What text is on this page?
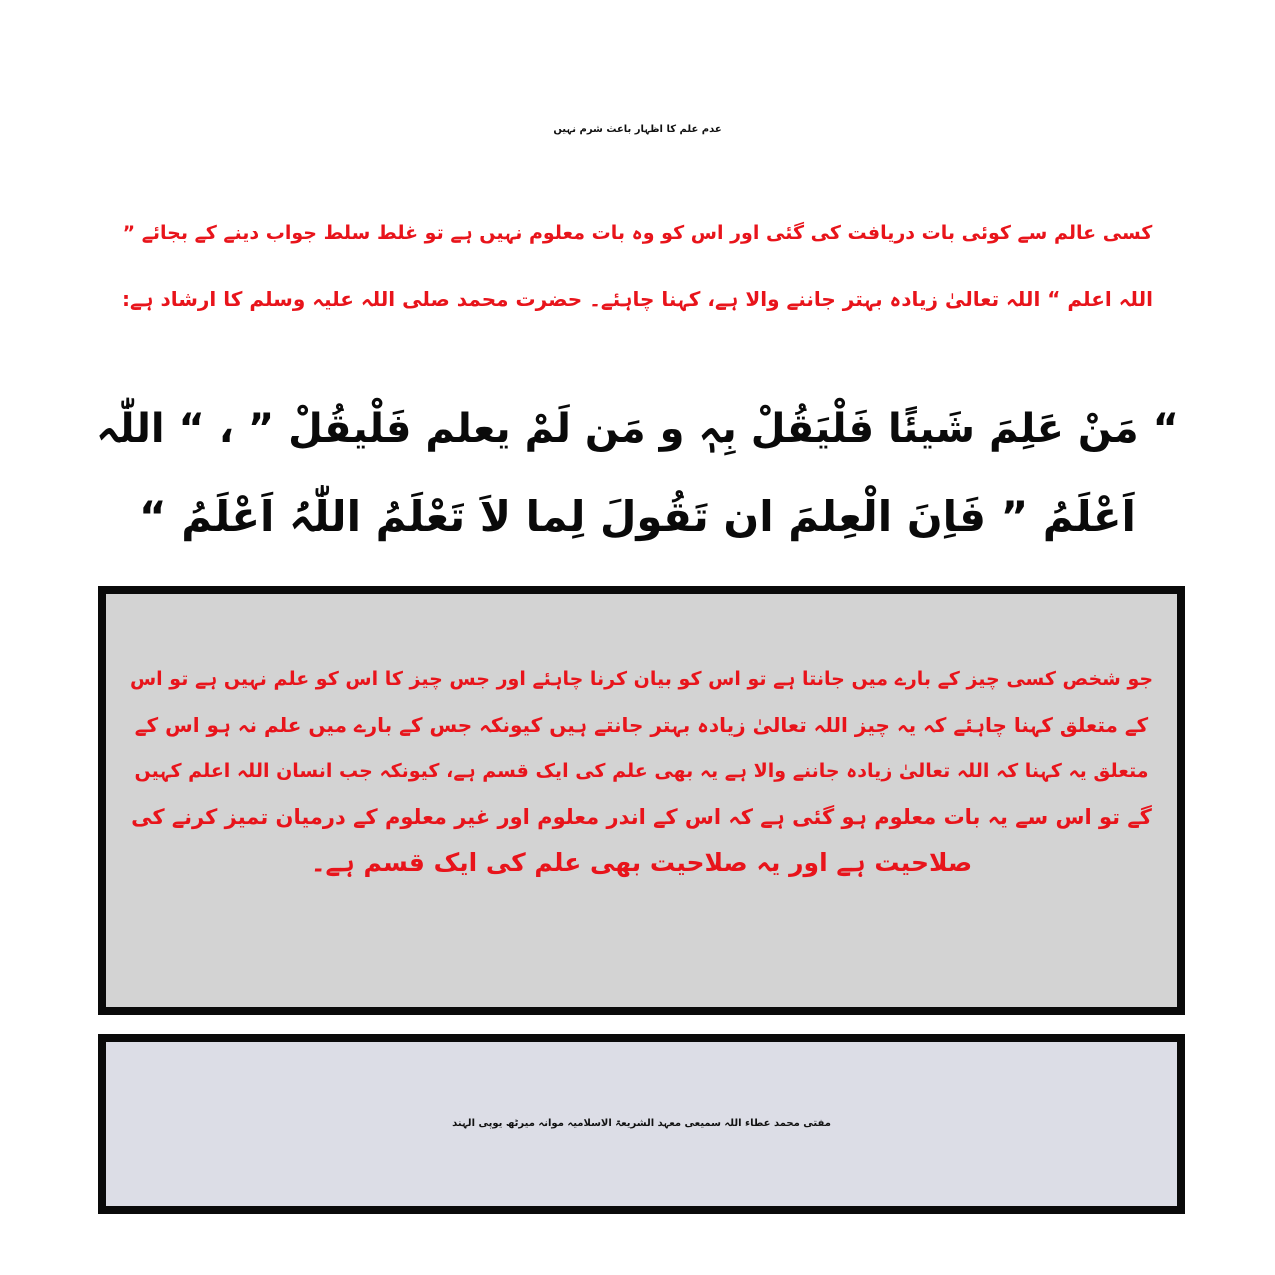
عدم علم کا اظہار باعث شرم نہیں
کسی عالم سے کوئی بات دریافت کی گئی اور اس کو وہ بات معلوم نہیں ہے تو غلط سلط جواب دینے کے بجائے ”
اللہ اعلم “ اللہ تعالیٰ زیادہ بہتر جاننے والا ہے، کہنا چاہئے۔ حضرت محمد صلی اللہ علیہ وسلم کا ارشاد ہے:
“ مَنْ عَلِمَ شَیئًا فَلْیَقُلْ بِہٖ و مَن لَمْ یعلم فَلْیقُلْ ” ، “ اللّٰہ
اَعْلَمُ ” فَاِنَ الْعِلمَ ان تَقُولَ لِما لاَ تَعْلَمُ اللّٰہُ اَعْلَمُ “
جو شخص کسی چیز کے بارے میں جانتا ہے تو اس کو بیان کرنا چاہئے اور جس چیز کا اس کو علم نہیں ہے تو اس
کے متعلق کہنا چاہئے کہ یہ چیز اللہ تعالیٰ زیادہ بہتر جانتے ہیں کیونکہ جس کے بارے میں علم نہ ہو اس کے
متعلق یہ کہنا کہ اللہ تعالیٰ زیادہ جاننے والا ہے یہ بھی علم کی ایک قسم ہے، کیونکہ جب انسان اللہ اعلم کہیں
گے تو اس سے یہ بات معلوم ہو گئی ہے کہ اس کے اندر معلوم اور غیر معلوم کے درمیان تمیز کرنے کی
صلاحیت ہے اور یہ صلاحیت بھی علم کی ایک قسم ہے۔
مفتی محمد عطاء اللہ سمیعی معہد الشریعۃ الاسلامیہ موانہ میرٹھ یوپی الہند
